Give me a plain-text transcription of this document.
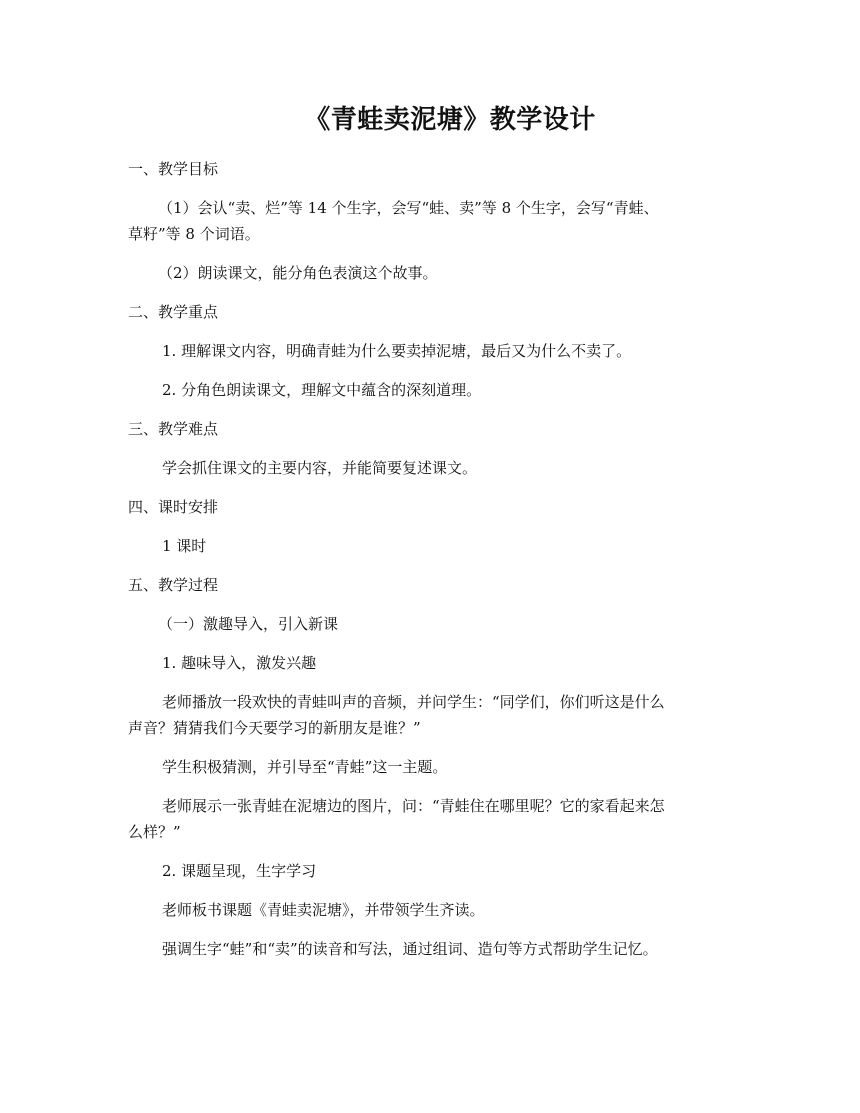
《青蛙卖泥塘》教学设计
一、教学目标
（1）会认“卖、烂”等 14 个生字，会写“蛙、卖”等 8 个生字，会写“青蛙、
草籽”等 8 个词语。
（2）朗读课文，能分角色表演这个故事。
二、教学重点
1. 理解课文内容，明确青蛙为什么要卖掉泥塘，最后又为什么不卖了。
2. 分角色朗读课文，理解文中蕴含的深刻道理。
三、教学难点
学会抓住课文的主要内容，并能简要复述课文。
四、课时安排
1 课时
五、教学过程
（一）激趣导入，引入新课
1. 趣味导入，激发兴趣
老师播放一段欢快的青蛙叫声的音频，并问学生：“同学们，你们听这是什么
声音？猜猜我们今天要学习的新朋友是谁？”
学生积极猜测，并引导至“青蛙”这一主题。
老师展示一张青蛙在泥塘边的图片，问：“青蛙住在哪里呢？它的家看起来怎
么样？”
2. 课题呈现，生字学习
老师板书课题《青蛙卖泥塘》，并带领学生齐读。
强调生字“蛙”和“卖”的读音和写法，通过组词、造句等方式帮助学生记忆。
